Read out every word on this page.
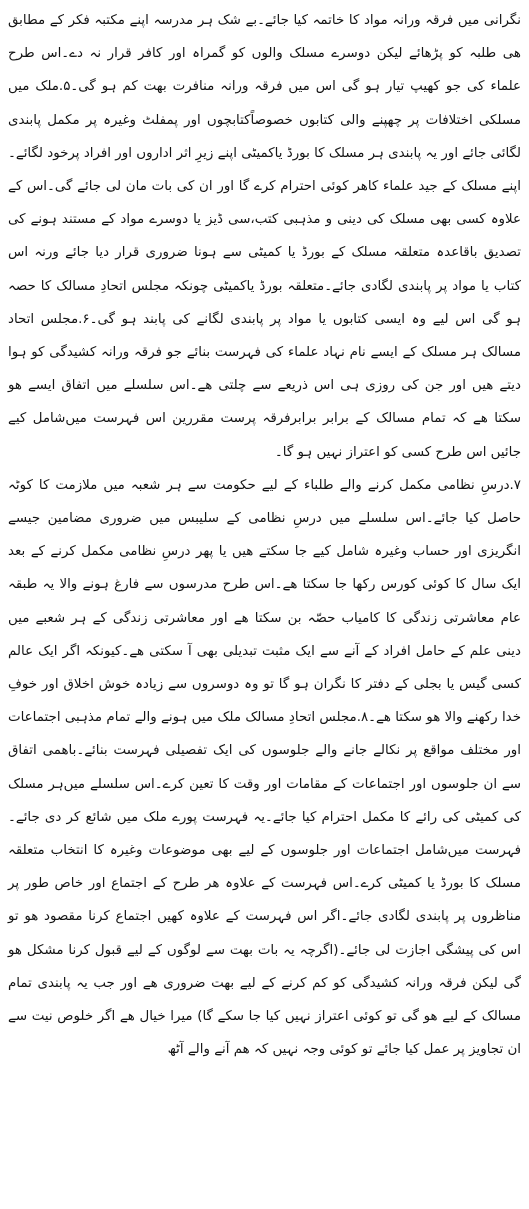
نگرانی میں فرقہ ورانہ مواد کا خاتمہ کیا جائے۔بے شک ہر مدرسہ اپنے مکتبہ فکر کے مطابق ھی طلبہ کو پڑھائے لیکن دوسرے مسلک والوں کو گمراہ اور کافر قرار نہ دے۔اس طرح علماء کی جو کھیپ تیار ہو گی اس میں فرقہ ورانہ منافرت بھت کم ہو گی۔۵.ملک میں مسلکی اختلافات پر چھپنے والی کتابوں خصوصاًکتابچوں اور پمفلٹ وغیرہ پر مکمل پابندی لگائی جائے اور یہ پابندی ہر مسلک کا بورڈ یاکمیٹی اپنے زیرِ اثر اداروں اور افراد پرخود لگائے۔اپنے مسلک کے جید علماء کاھر کوئی احترام کرے گا اور ان کی بات مان لی جائے گی۔اس کے علاوہ کسی بھی مسلک کی دینی و مذہبی کتب،سی ڈیز یا دوسرے مواد کے مستند ہونے کی تصدیق باقاعدہ متعلقہ مسلک کے بورڈ یا کمیٹی سے ہونا ضروری قرار دیا جائے ورنہ اس کتاب یا مواد پر پابندی لگادی جائے۔متعلقہ بورڈ یاکمیٹی چونکہ مجلس اتحادِ مسالک کا حصہ ہو گی اس لیے وہ ایسی کتابوں یا مواد پر پابندی لگانے کی پابند ہو گی۔۶.مجلس اتحاد مسالک ہر مسلک کے ایسے نام نہاد علماء کی فہرست بنائے جو فرقہ ورانہ کشیدگی کو ہوا دیتے ھیں اور جن کی روزی ہی اس ذریعے سے چلتی ھے۔اس سلسلے میں اتفاق ایسے ھو سکتا ھے کہ تمام مسالک کے برابر برابرفرقہ پرست مقررین اس فہرست میں‌شامل کیے جائیں اس طرح کسی کو اعتراز نہیں ہو گا۔

۷.درسِ نظامی مکمل کرنے والے طلباء کے لیے حکومت سے ہر شعبہ میں ملازمت کا کوٹہ حاصل کیا جائے۔اس سلسلے میں درسِ نظامی کے سلیبس میں ضروری مضامین جیسے انگریزی اور حساب وغیرہ شامل کیے جا سکتے ھیں یا پھر درسِ نظامی مکمل کرنے کے بعد ایک سال کا کوئی کورس رکھا جا سکتا ھے۔اس طرح مدرسوں سے فارغ ہونے والا یہ طبقہ عام معاشرتی زندگی کا کامیاب حصّہ بن سکتا ھے اور معاشرتی زندگی کے ہر شعبے میں دینی علم کے حامل افراد کے آنے سے ایک مثبت تبدیلی بھی آ سکتی ھے۔کیونکہ اگر ایک عالم کسی گیس یا بجلی کے دفتر کا نگران ہو گا تو وہ دوسروں سے زیادہ خوش اخلاق اور خوفِ خدا رکھنے والا ھو سکتا ھے۔۸.مجلس اتحادِ مسالک ملک میں ہونے والے تمام مذہبی اجتماعات اور مختلف مواقع پر نکالے جانے والے جلوسوں کی ایک تفصیلی فہرست بنائے۔باھمی اتفاق سے ان جلوسوں اور اجتماعات کے مقامات اور وقت کا تعین کرے۔اس سلسلے میں‌ہر مسلک کی کمیٹی کی رائے کا مکمل احترام کیا جائے۔یہ فہرست پورے ملک میں شائع کر دی جائے۔فہرست میں‌شامل اجتماعات اور جلوسوں کے لیے بھی موضوعات وغیرہ کا انتخاب متعلقہ مسلک کا بورڈ یا کمیٹی کرے۔اس فہرست کے علاوہ ھر طرح کے اجتماع اور خاص طور پر مناظروں پر پابندی لگادی جائے۔اگر اس فہرست کے علاوہ کھیں اجتماع کرنا مقصود ھو تو اس کی پیشگی اجازت لی جائے۔(اگرچہ یہ بات بھت سے لوگوں کے لیے قبول کرنا مشکل ھو گی لیکن فرقہ ورانہ کشیدگی کو کم کرنے کے لیے بھت ضروری ھے اور جب یہ پابندی تمام مسالک کے لیے ھو گی تو کوئی اعتراز نہیں کیا جا سکے گا) میرا خیال ھے اگر خلوص نیت سے ان تجاویز پر عمل کیا جائے تو کوئی وجہ نہیں کہ ھم آنے والے آٹھ
